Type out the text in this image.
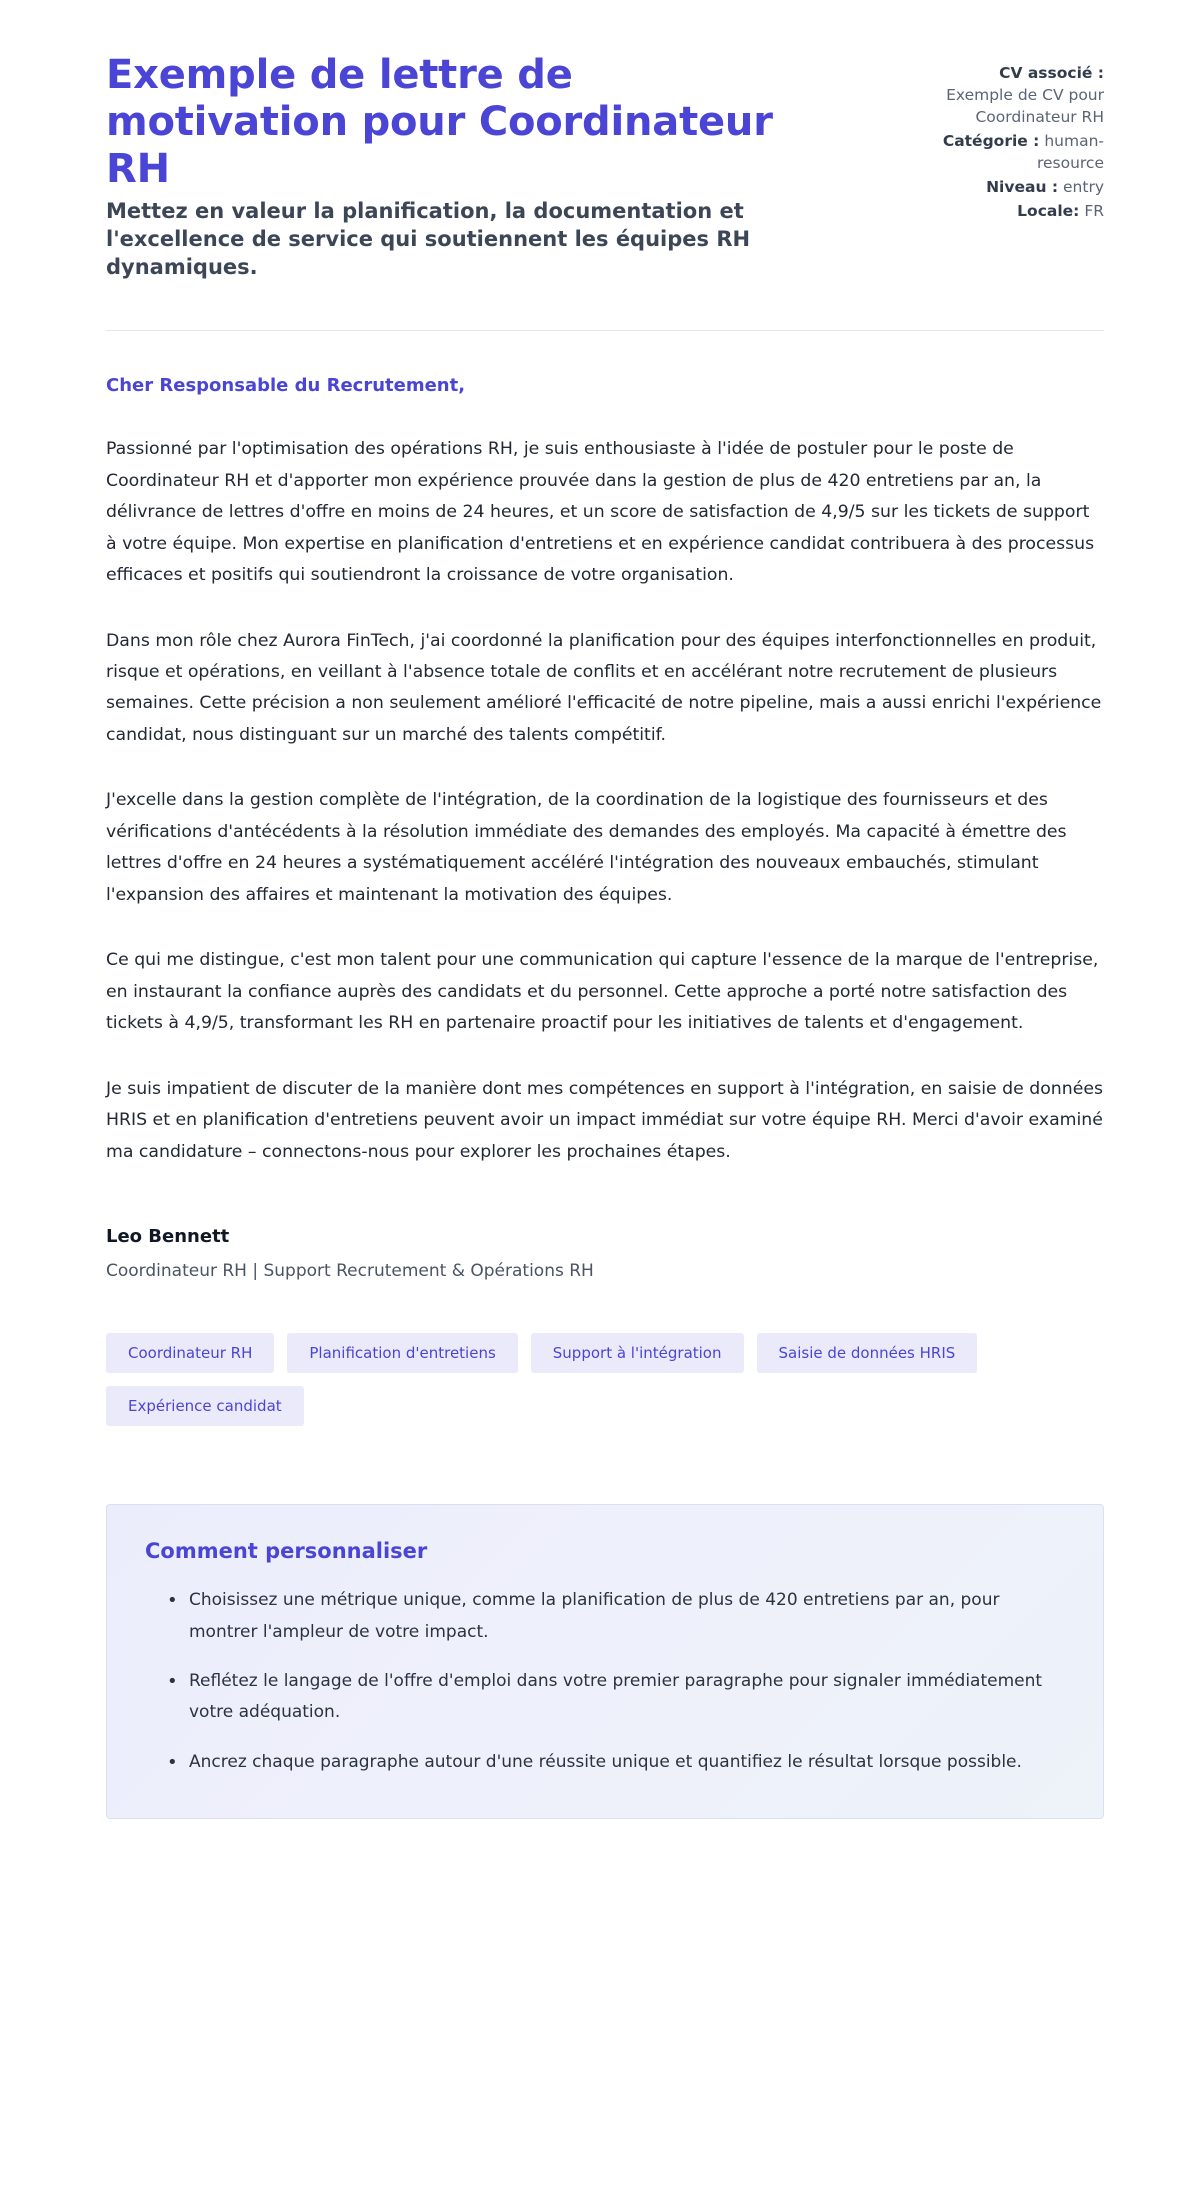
Exemple de lettre de motivation pour Coordinateur RH

Mettez en valeur la planification, la documentation et l'excellence de service qui soutiennent les équipes RH dynamiques.

CV associé :
Exemple de CV pour Coordinateur RH
Catégorie : human-resource
Niveau : entry
Locale: FR

Cher Responsable du Recrutement,

Passionné par l'optimisation des opérations RH, je suis enthousiaste à l'idée de postuler pour le poste de Coordinateur RH et d'apporter mon expérience prouvée dans la gestion de plus de 420 entretiens par an, la délivrance de lettres d'offre en moins de 24 heures, et un score de satisfaction de 4,9/5 sur les tickets de support à votre équipe. Mon expertise en planification d'entretiens et en expérience candidat contribuera à des processus efficaces et positifs qui soutiendront la croissance de votre organisation.

Dans mon rôle chez Aurora FinTech, j'ai coordonné la planification pour des équipes interfonctionnelles en produit, risque et opérations, en veillant à l'absence totale de conflits et en accélérant notre recrutement de plusieurs semaines. Cette précision a non seulement amélioré l'efficacité de notre pipeline, mais a aussi enrichi l'expérience candidat, nous distinguant sur un marché des talents compétitif.

J'excelle dans la gestion complète de l'intégration, de la coordination de la logistique des fournisseurs et des vérifications d'antécédents à la résolution immédiate des demandes des employés. Ma capacité à émettre des lettres d'offre en 24 heures a systématiquement accéléré l'intégration des nouveaux embauchés, stimulant l'expansion des affaires et maintenant la motivation des équipes.

Ce qui me distingue, c'est mon talent pour une communication qui capture l'essence de la marque de l'entreprise, en instaurant la confiance auprès des candidats et du personnel. Cette approche a porté notre satisfaction des tickets à 4,9/5, transformant les RH en partenaire proactif pour les initiatives de talents et d'engagement.

Je suis impatient de discuter de la manière dont mes compétences en support à l'intégration, en saisie de données HRIS et en planification d'entretiens peuvent avoir un impact immédiat sur votre équipe RH. Merci d'avoir examiné ma candidature – connectons-nous pour explorer les prochaines étapes.

Leo Bennett

Coordinateur RH | Support Recrutement & Opérations RH

Coordinateur RH	Planification d'entretiens	Support à l'intégration	Saisie de données HRIS
Expérience candidat
Comment personnaliser
• Choisissez une métrique unique, comme la planification de plus de 420 entretiens par an, pour montrer l'ampleur de votre impact.
• Reflétez le langage de l'offre d'emploi dans votre premier paragraphe pour signaler immédiatement votre adéquation.
• Ancrez chaque paragraphe autour d'une réussite unique et quantifiez le résultat lorsque possible.
